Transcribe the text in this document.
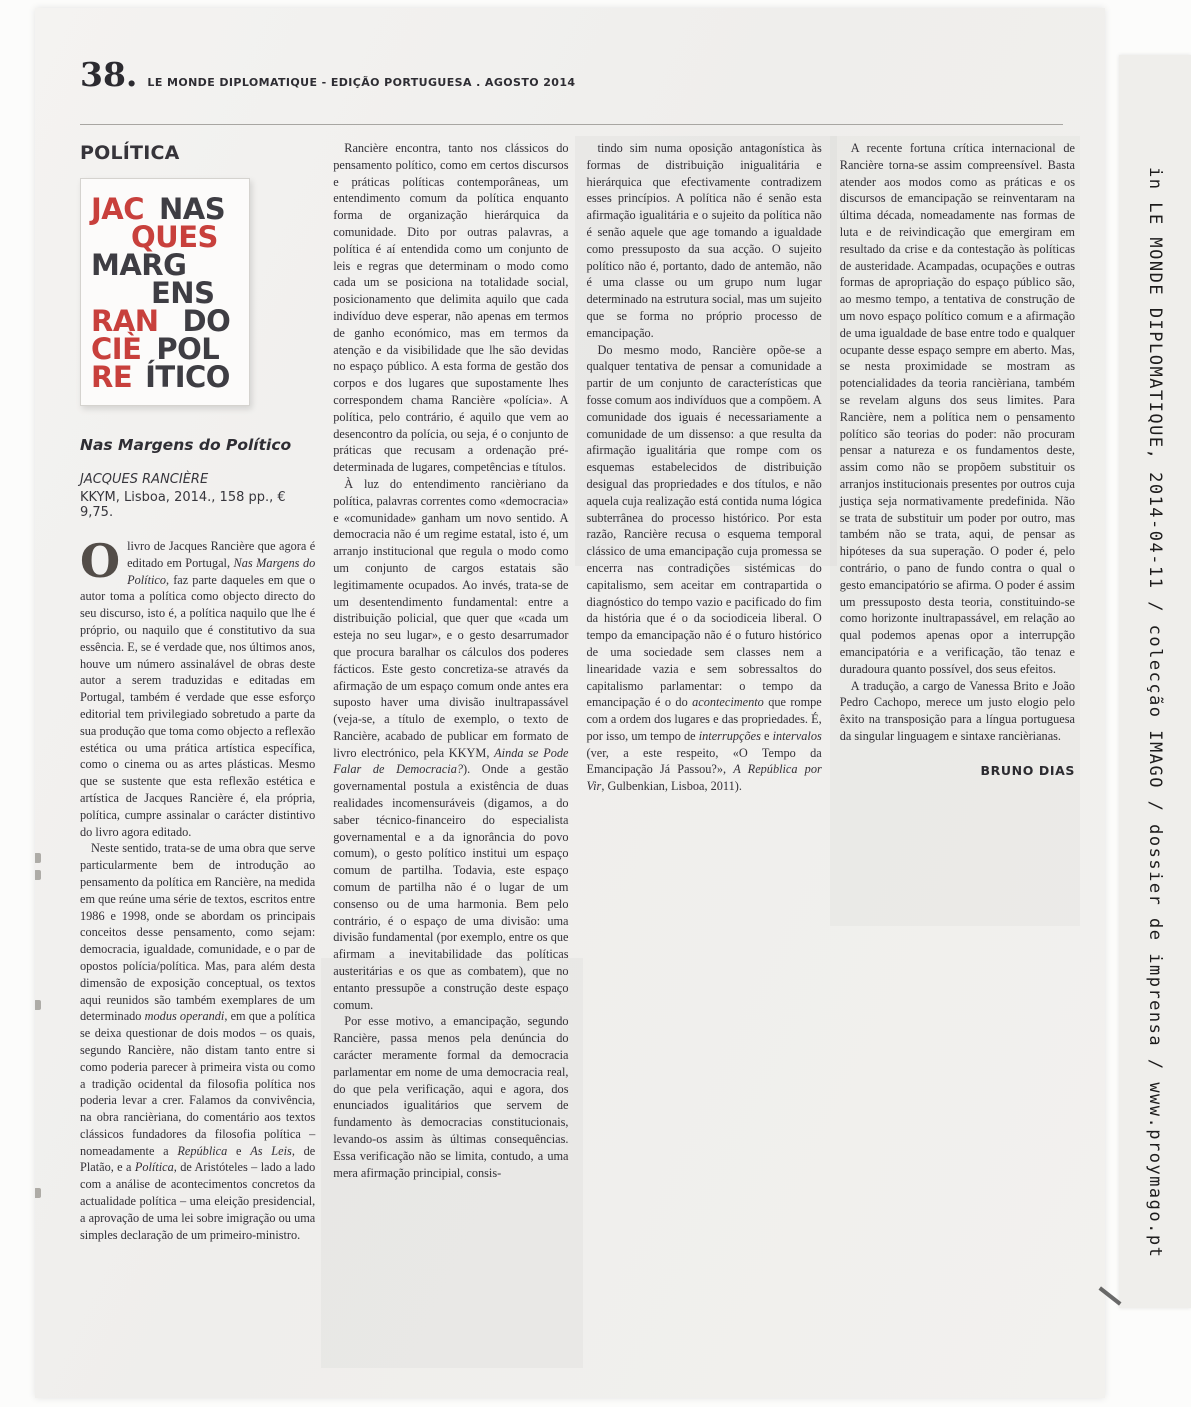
38. LE MONDE DIPLOMATIQUE - EDIÇÃO PORTUGUESA . AGOSTO 2014
POLÍTICA
JAC NAS
QUES
MARG
ENS
RAN DO
CIÈ POL
RE ÍTICO
Nas Margens do Político
JACQUES RANCIÈRE
KKYM, Lisboa, 2014., 158 pp., € 9,75.

Olivro de Jacques Rancière que agora é editado em Portugal, Nas Margens do Político, faz parte daqueles em que o autor toma a política como objecto directo do seu discurso, isto é, a política naquilo que lhe é próprio, ou naquilo que é constitutivo da sua essência. E, se é verdade que, nos últimos anos, houve um número assinalável de obras deste autor a serem traduzidas e editadas em Portugal, também é verdade que esse esforço editorial tem privilegiado sobretudo a parte da sua produção que toma como objecto a reflexão estética ou uma prática artística específica, como o cinema ou as artes plásticas. Mesmo que se sustente que esta reflexão estética e artística de Jacques Rancière é, ela própria, política, cumpre assinalar o carácter distintivo do livro agora editado.

Neste sentido, trata-se de uma obra que serve particularmente bem de introdução ao pensamento da política em Rancière, na medida em que reúne uma série de textos, escritos entre 1986 e 1998, onde se abordam os principais conceitos desse pensamento, como sejam: democracia, igualdade, comunidade, e o par de opostos polícia/política. Mas, para além desta dimensão de exposição conceptual, os textos aqui reunidos são também exemplares de um determinado modus operandi, em que a política se deixa questionar de dois modos – os quais, segundo Rancière, não distam tanto entre si como poderia parecer à primeira vista ou como a tradição ocidental da filosofia política nos poderia levar a crer. Falamos da convivência, na obra rancièriana, do comentário aos textos clássicos fundadores da filosofia política – nomeadamente a República e As Leis, de Platão, e a Política, de Aristóteles – lado a lado com a análise de acontecimentos concretos da actualidade política – uma eleição presidencial, a aprovação de uma lei sobre imigração ou uma simples declaração de um primeiro-ministro.

Rancière encontra, tanto nos clássicos do pensamento político, como em certos discursos e práticas políticas contemporâneas, um entendimento comum da política enquanto forma de organização hierárquica da comunidade. Dito por outras palavras, a política é aí entendida como um conjunto de leis e regras que determinam o modo como cada um se posiciona na totalidade social, posicionamento que delimita aquilo que cada indivíduo deve esperar, não apenas em termos de ganho económico, mas em termos da atenção e da visibilidade que lhe são devidas no espaço público. A esta forma de gestão dos corpos e dos lugares que supostamente lhes correspondem chama Rancière «polícia». A política, pelo contrário, é aquilo que vem ao desencontro da polícia, ou seja, é o conjunto de práticas que recusam a ordenação pré-determinada de lugares, competências e títulos.

À luz do entendimento rancièriano da política, palavras correntes como «democracia» e «comunidade» ganham um novo sentido. A democracia não é um regime estatal, isto é, um arranjo institucional que regula o modo como um conjunto de cargos estatais são legitimamente ocupados. Ao invés, trata-se de um desentendimento fundamental: entre a distribuição policial, que quer que «cada um esteja no seu lugar», e o gesto desarrumador que procura baralhar os cálculos dos poderes fácticos. Este gesto concretiza-se através da afirmação de um espaço comum onde antes era suposto haver uma divisão inultrapassável (veja-se, a título de exemplo, o texto de Rancière, acabado de publicar em formato de livro electrónico, pela KKYM, Ainda se Pode Falar de Democracia?). Onde a gestão governamental postula a existência de duas realidades incomensuráveis (digamos, a do saber técnico-financeiro do especialista governamental e a da ignorância do povo comum), o gesto político institui um espaço comum de partilha. Todavia, este espaço comum de partilha não é o lugar de um consenso ou de uma harmonia. Bem pelo contrário, é o espaço de uma divisão: uma divisão fundamental (por exemplo, entre os que afirmam a inevitabilidade das políticas austeritárias e os que as combatem), que no entanto pressupõe a construção deste espaço comum.

Por esse motivo, a emancipação, segundo Rancière, passa menos pela denúncia do carácter meramente formal da democracia parlamentar em nome de uma democracia real, do que pela verificação, aqui e agora, dos enunciados igualitários que servem de fundamento às democracias constitucionais, levando-os assim às últimas consequências. Essa verificação não se limita, contudo, a uma mera afirmação principial, consis-

tindo sim numa oposição antagonística às formas de distribuição inigualitária e hierárquica que efectivamente contradizem esses princípios. A política não é senão esta afirmação igualitária e o sujeito da política não é senão aquele que age tomando a igualdade como pressuposto da sua acção. O sujeito político não é, portanto, dado de antemão, não é uma classe ou um grupo num lugar determinado na estrutura social, mas um sujeito que se forma no próprio processo de emancipação.

Do mesmo modo, Rancière opõe-se a qualquer tentativa de pensar a comunidade a partir de um conjunto de características que fosse comum aos indivíduos que a compõem. A comunidade dos iguais é necessariamente a comunidade de um dissenso: a que resulta da afirmação igualitária que rompe com os esquemas estabelecidos de distribuição desigual das propriedades e dos títulos, e não aquela cuja realização está contida numa lógica subterrânea do processo histórico. Por esta razão, Rancière recusa o esquema temporal clássico de uma emancipação cuja promessa se encerra nas contradições sistémicas do capitalismo, sem aceitar em contrapartida o diagnóstico do tempo vazio e pacificado do fim da história que é o da sociodiceia liberal. O tempo da emancipação não é o futuro histórico de uma sociedade sem classes nem a linearidade vazia e sem sobressaltos do capitalismo parlamentar: o tempo da emancipação é o do acontecimento que rompe com a ordem dos lugares e das propriedades. É, por isso, um tempo de interrupções e intervalos (ver, a este respeito, «O Tempo da Emancipação Já Passou?», A República por Vir, Gulbenkian, Lisboa, 2011).

A recente fortuna crítica internacional de Rancière torna-se assim compreensível. Basta atender aos modos como as práticas e os discursos de emancipação se reinventaram na última década, nomeadamente nas formas de luta e de reivindicação que emergiram em resultado da crise e da contestação às políticas de austeridade. Acampadas, ocupações e outras formas de apropriação do espaço público são, ao mesmo tempo, a tentativa de construção de um novo espaço político comum e a afirmação de uma igualdade de base entre todo e qualquer ocupante desse espaço sempre em aberto. Mas, se nesta proximidade se mostram as potencialidades da teoria rancièriana, também se revelam alguns dos seus limites. Para Rancière, nem a política nem o pensamento político são teorias do poder: não procuram pensar a natureza e os fundamentos deste, assim como não se propõem substituir os arranjos institucionais presentes por outros cuja justiça seja normativamente predefinida. Não se trata de substituir um poder por outro, mas também não se trata, aqui, de pensar as hipóteses da sua superação. O poder é, pelo contrário, o pano de fundo contra o qual o gesto emancipatório se afirma. O poder é assim um pressuposto desta teoria, constituindo-se como horizonte inultrapassável, em relação ao qual podemos apenas opor a interrupção emancipatória e a verificação, tão tenaz e duradoura quanto possível, dos seus efeitos.

A tradução, a cargo de Vanessa Brito e João Pedro Cachopo, merece um justo elogio pelo êxito na transposição para a língua portuguesa da singular linguagem e sintaxe rancièrianas.

BRUNO DIAS	in LE MONDE DIPLOMATIQUE, 2014-04-11 / colecção IMAGO / dossier de imprensa / www.proymago.pt
